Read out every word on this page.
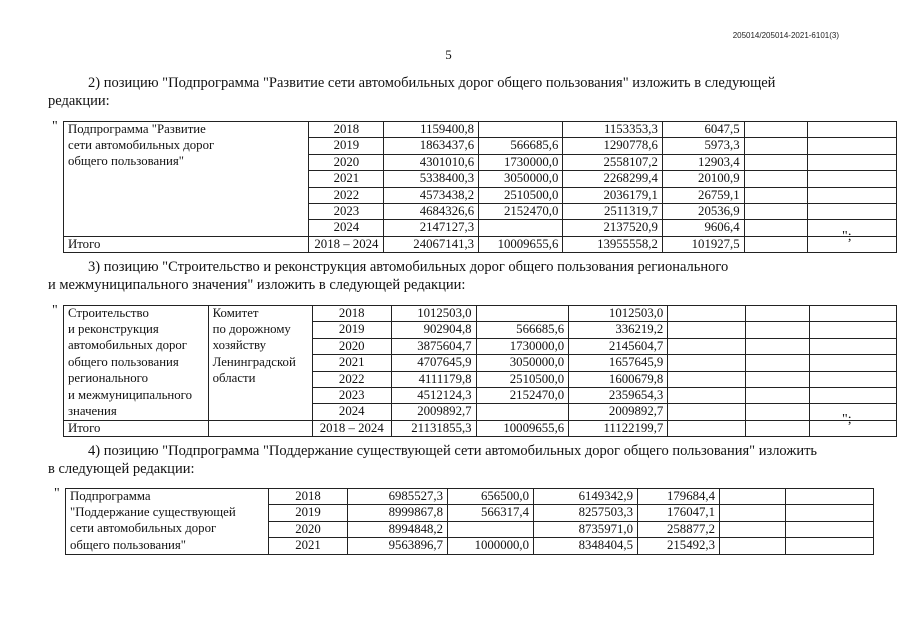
205014/205014-2021-6101(3)
5
2) позицию "Подпрограмма "Развитие сети автомобильных дорог общего пользования" изложить в следующей
редакции:
" Подпрограмма "Развитие	2018	1159400,8		1153353,3	6047,5		
сети автомобильных дорог	2019	1863437,6	566685,6	1290778,6	5973,3		
общего пользования"	2020	4301010,6	1730000,0	2558107,2	12903,4		
	2021	5338400,3	3050000,0	2268299,4	20100,9		
	2022	4573438,2	2510500,0	2036179,1	26759,1		
	2023	4684326,6	2152470,0	2511319,7	20536,9		
	2024	2147127,3		2137520,9	9606,4		
Итого	2018 – 2024	24067141,3	10009655,6	13955558,2	101927,5			";
3) позицию "Строительство и реконструкция автомобильных дорог общего пользования регионального
и межмуниципального значения" изложить в следующей редакции:
" Строительство	Комитет	2018	1012503,0		1012503,0			
и реконструкция	по дорожному	2019	902904,8	566685,6	336219,2			
автомобильных дорог	хозяйству	2020	3875604,7	1730000,0	2145604,7			
общего пользования	Ленинградской	2021	4707645,9	3050000,0	1657645,9			
регионального	области	2022	4111179,8	2510500,0	1600679,8			
и межмуниципального		2023	4512124,3	2152470,0	2359654,3			
значения		2024	2009892,7		2009892,7			
Итого		2018 – 2024	21131855,3	10009655,6	11122199,7			
";
4) позицию "Подпрограмма "Поддержание существующей сети автомобильных дорог общего пользования" изложить
в следующей редакции:
" Подпрограмма	2018	6985527,3	656500,0	6149342,9	179684,4		
"Поддержание существующей	2019	8999867,8	566317,4	8257503,3	176047,1		
сети автомобильных дорог	2020	8994848,2		8735971,0	258877,2		
общего пользования"	2021	9563896,7	1000000,0	8348404,5	215492,3		
